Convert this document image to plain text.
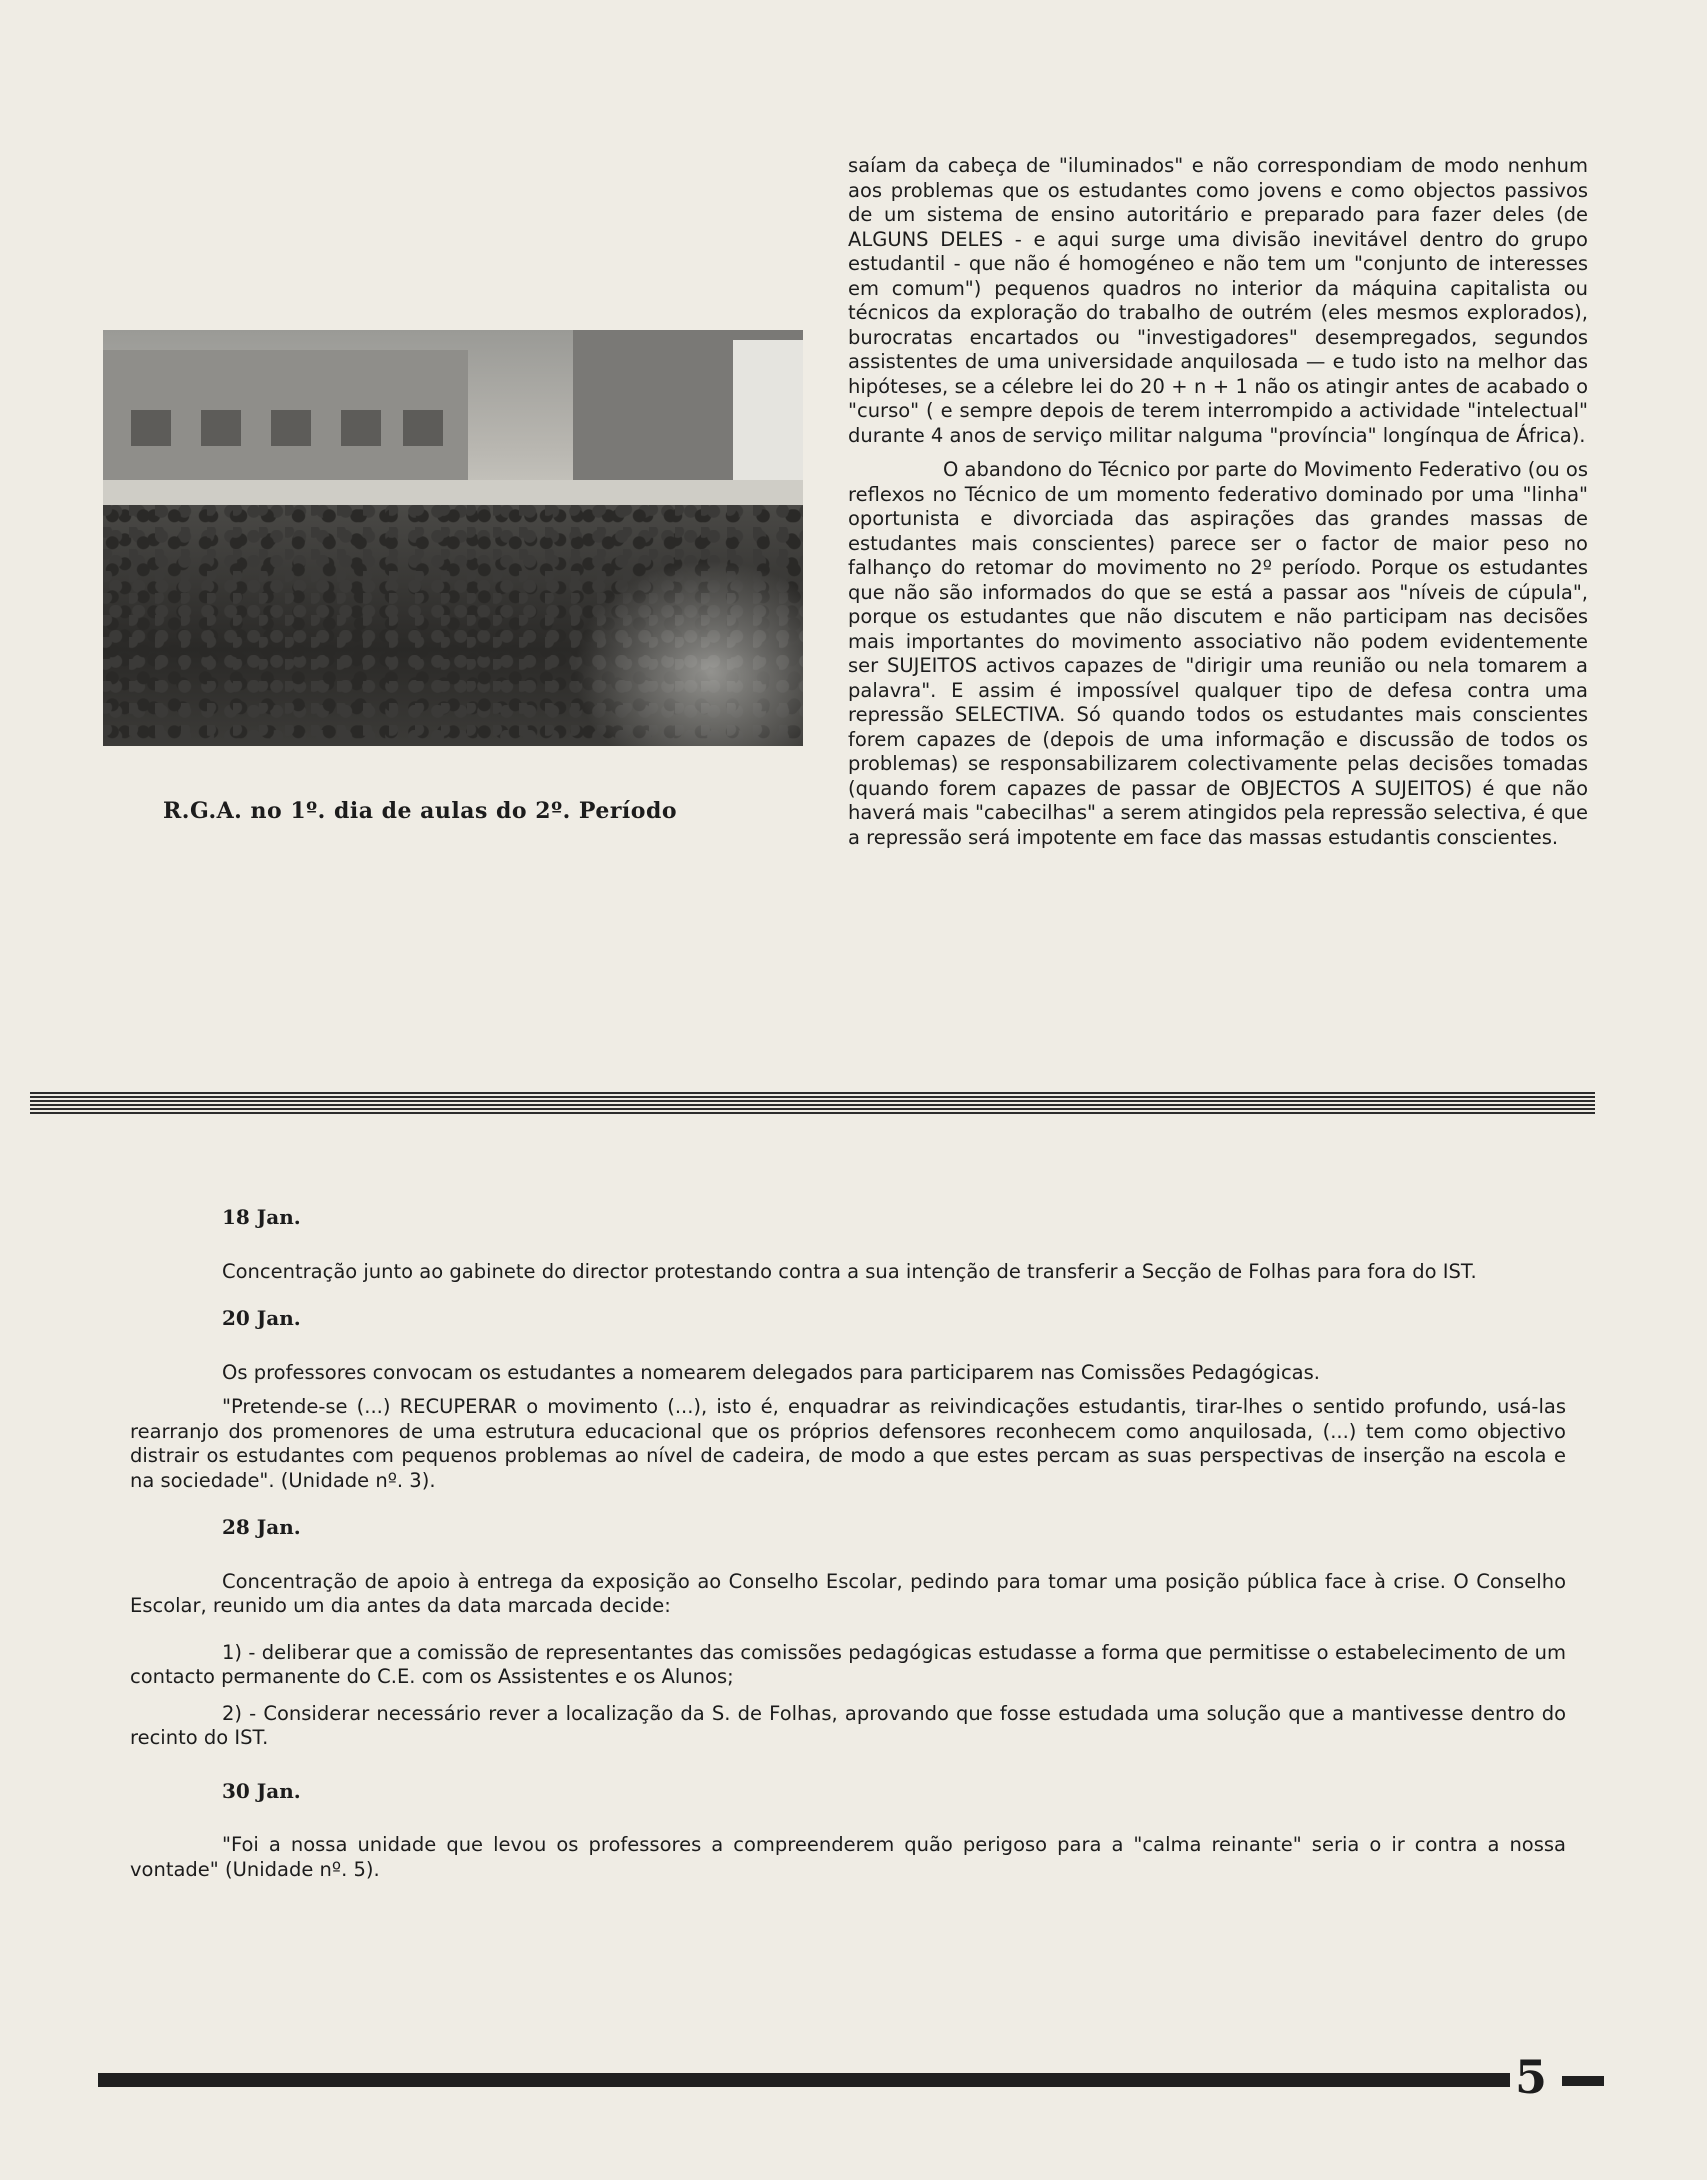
R.G.A. no 1º. dia de aulas do 2º. Período

saíam da cabeça de "iluminados" e não correspondiam de modo nenhum aos problemas que os estudantes como jovens e como objectos passivos de um sistema de ensino autoritário e preparado para fazer deles (de ALGUNS DELES - e aqui surge uma divisão inevitável dentro do grupo estudantil - que não é homogéneo e não tem um "conjunto de interesses em comum") pequenos quadros no interior da máquina capitalista ou técnicos da exploração do trabalho de outrém (eles mesmos explorados), burocratas encartados ou "investigadores" desempregados, segundos assistentes de uma universidade anquilosada — e tudo isto na melhor das hipóteses, se a célebre lei do 20 + n + 1 não os atingir antes de acabado o "curso" ( e sempre depois de terem interrompido a actividade "intelectual" durante 4 anos de serviço militar nalguma "província" longínqua de África).

O abandono do Técnico por parte do Movimento Federativo (ou os reflexos no Técnico de um momento federativo dominado por uma "linha" oportunista e divorciada das aspirações das grandes massas de estudantes mais conscientes) parece ser o factor de maior peso no falhanço do retomar do movimento no 2º período. Porque os estudantes que não são informados do que se está a passar aos "níveis de cúpula", porque os estudantes que não discutem e não participam nas decisões mais importantes do movimento associativo não podem evidentemente ser SUJEITOS activos capazes de "dirigir uma reunião ou nela tomarem a palavra". E assim é impossível qualquer tipo de defesa contra uma repressão SELECTIVA. Só quando todos os estudantes mais conscientes forem capazes de (depois de uma informação e discussão de todos os problemas) se responsabilizarem colectivamente pelas decisões tomadas (quando forem capazes de passar de OBJECTOS A SUJEITOS) é que não haverá mais "cabecilhas" a serem atingidos pela repressão selectiva, é que a repressão será impotente em face das massas estudantis conscientes.

18 Jan.

Concentração junto ao gabinete do director protestando contra a sua intenção de transferir a Secção de Folhas para fora do IST.

20 Jan.

Os professores convocam os estudantes a nomearem delegados para participarem nas Comissões Pedagógicas.

"Pretende-se (...) RECUPERAR o movimento (...), isto é, enquadrar as reivindicações estudantis, tirar-lhes o sentido profundo, usá-las rearranjo dos promenores de uma estrutura educacional que os próprios defensores reconhecem como anquilosada, (...) tem como objectivo distrair os estudantes com pequenos problemas ao nível de cadeira, de modo a que estes percam as suas perspectivas de inserção na escola e na sociedade". (Unidade nº. 3).

28 Jan.

Concentração de apoio à entrega da exposição ao Conselho Escolar, pedindo para tomar uma posição pública face à crise. O Conselho Escolar, reunido um dia antes da data marcada decide:

1) - deliberar que a comissão de representantes das comissões pedagógicas estudasse a forma que permitisse o estabelecimento de um contacto permanente do C.E. com os Assistentes e os Alunos;

2) - Considerar necessário rever a localização da S. de Folhas, aprovando que fosse estudada uma solução que a mantivesse dentro do recinto do IST.

30 Jan.

"Foi a nossa unidade que levou os professores a compreenderem quão perigoso para a "calma reinante" seria o ir contra a nossa vontade" (Unidade nº. 5).

5
